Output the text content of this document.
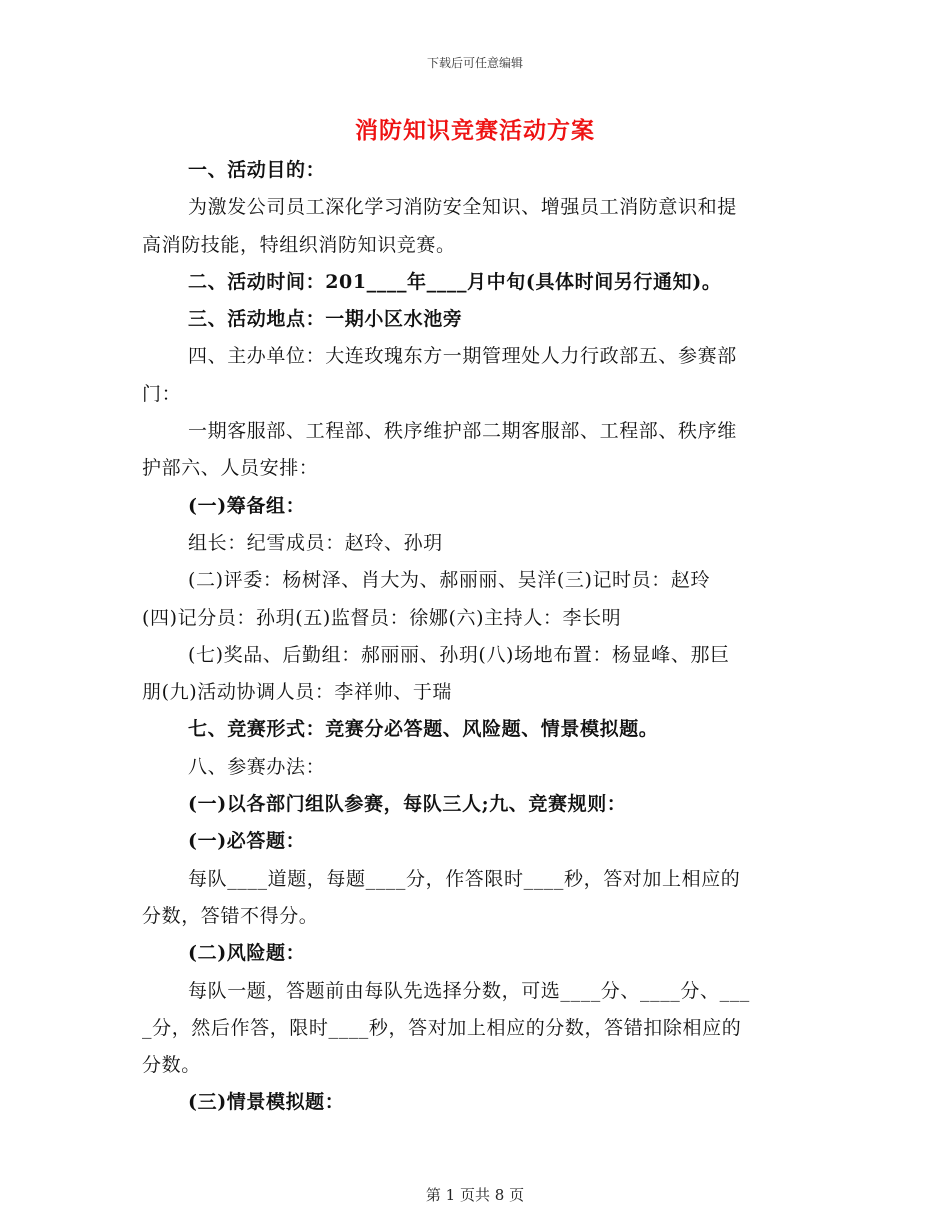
下载后可任意编辑
消防知识竞赛活动方案
一、活动目的：
为激发公司员工深化学习消防安全知识、增强员工消防意识和提
高消防技能，特组织消防知识竞赛。
二、活动时间：201____年____月中旬(具体时间另行通知)。
三、活动地点：一期小区水池旁
四、主办单位：大连玫瑰东方一期管理处人力行政部五、参赛部
门：
一期客服部、工程部、秩序维护部二期客服部、工程部、秩序维
护部六、人员安排：
(一)筹备组：
组长：纪雪成员：赵玲、孙玥
(二)评委：杨树泽、肖大为、郝丽丽、吴洋(三)记时员：赵玲
(四)记分员：孙玥(五)监督员：徐娜(六)主持人：李长明
(七)奖品、后勤组：郝丽丽、孙玥(八)场地布置：杨显峰、那巨
朋(九)活动协调人员：李祥帅、于瑞
七、竞赛形式：竞赛分必答题、风险题、情景模拟题。
八、参赛办法：
(一)以各部门组队参赛，每队三人;九、竞赛规则：
(一)必答题：
每队____道题，每题____分，作答限时____秒，答对加上相应的
分数，答错不得分。
(二)风险题：
每队一题，答题前由每队先选择分数，可选____分、____分、___
_分，然后作答，限时____秒，答对加上相应的分数，答错扣除相应的
分数。
(三)情景模拟题：
第 1 页共 8 页
